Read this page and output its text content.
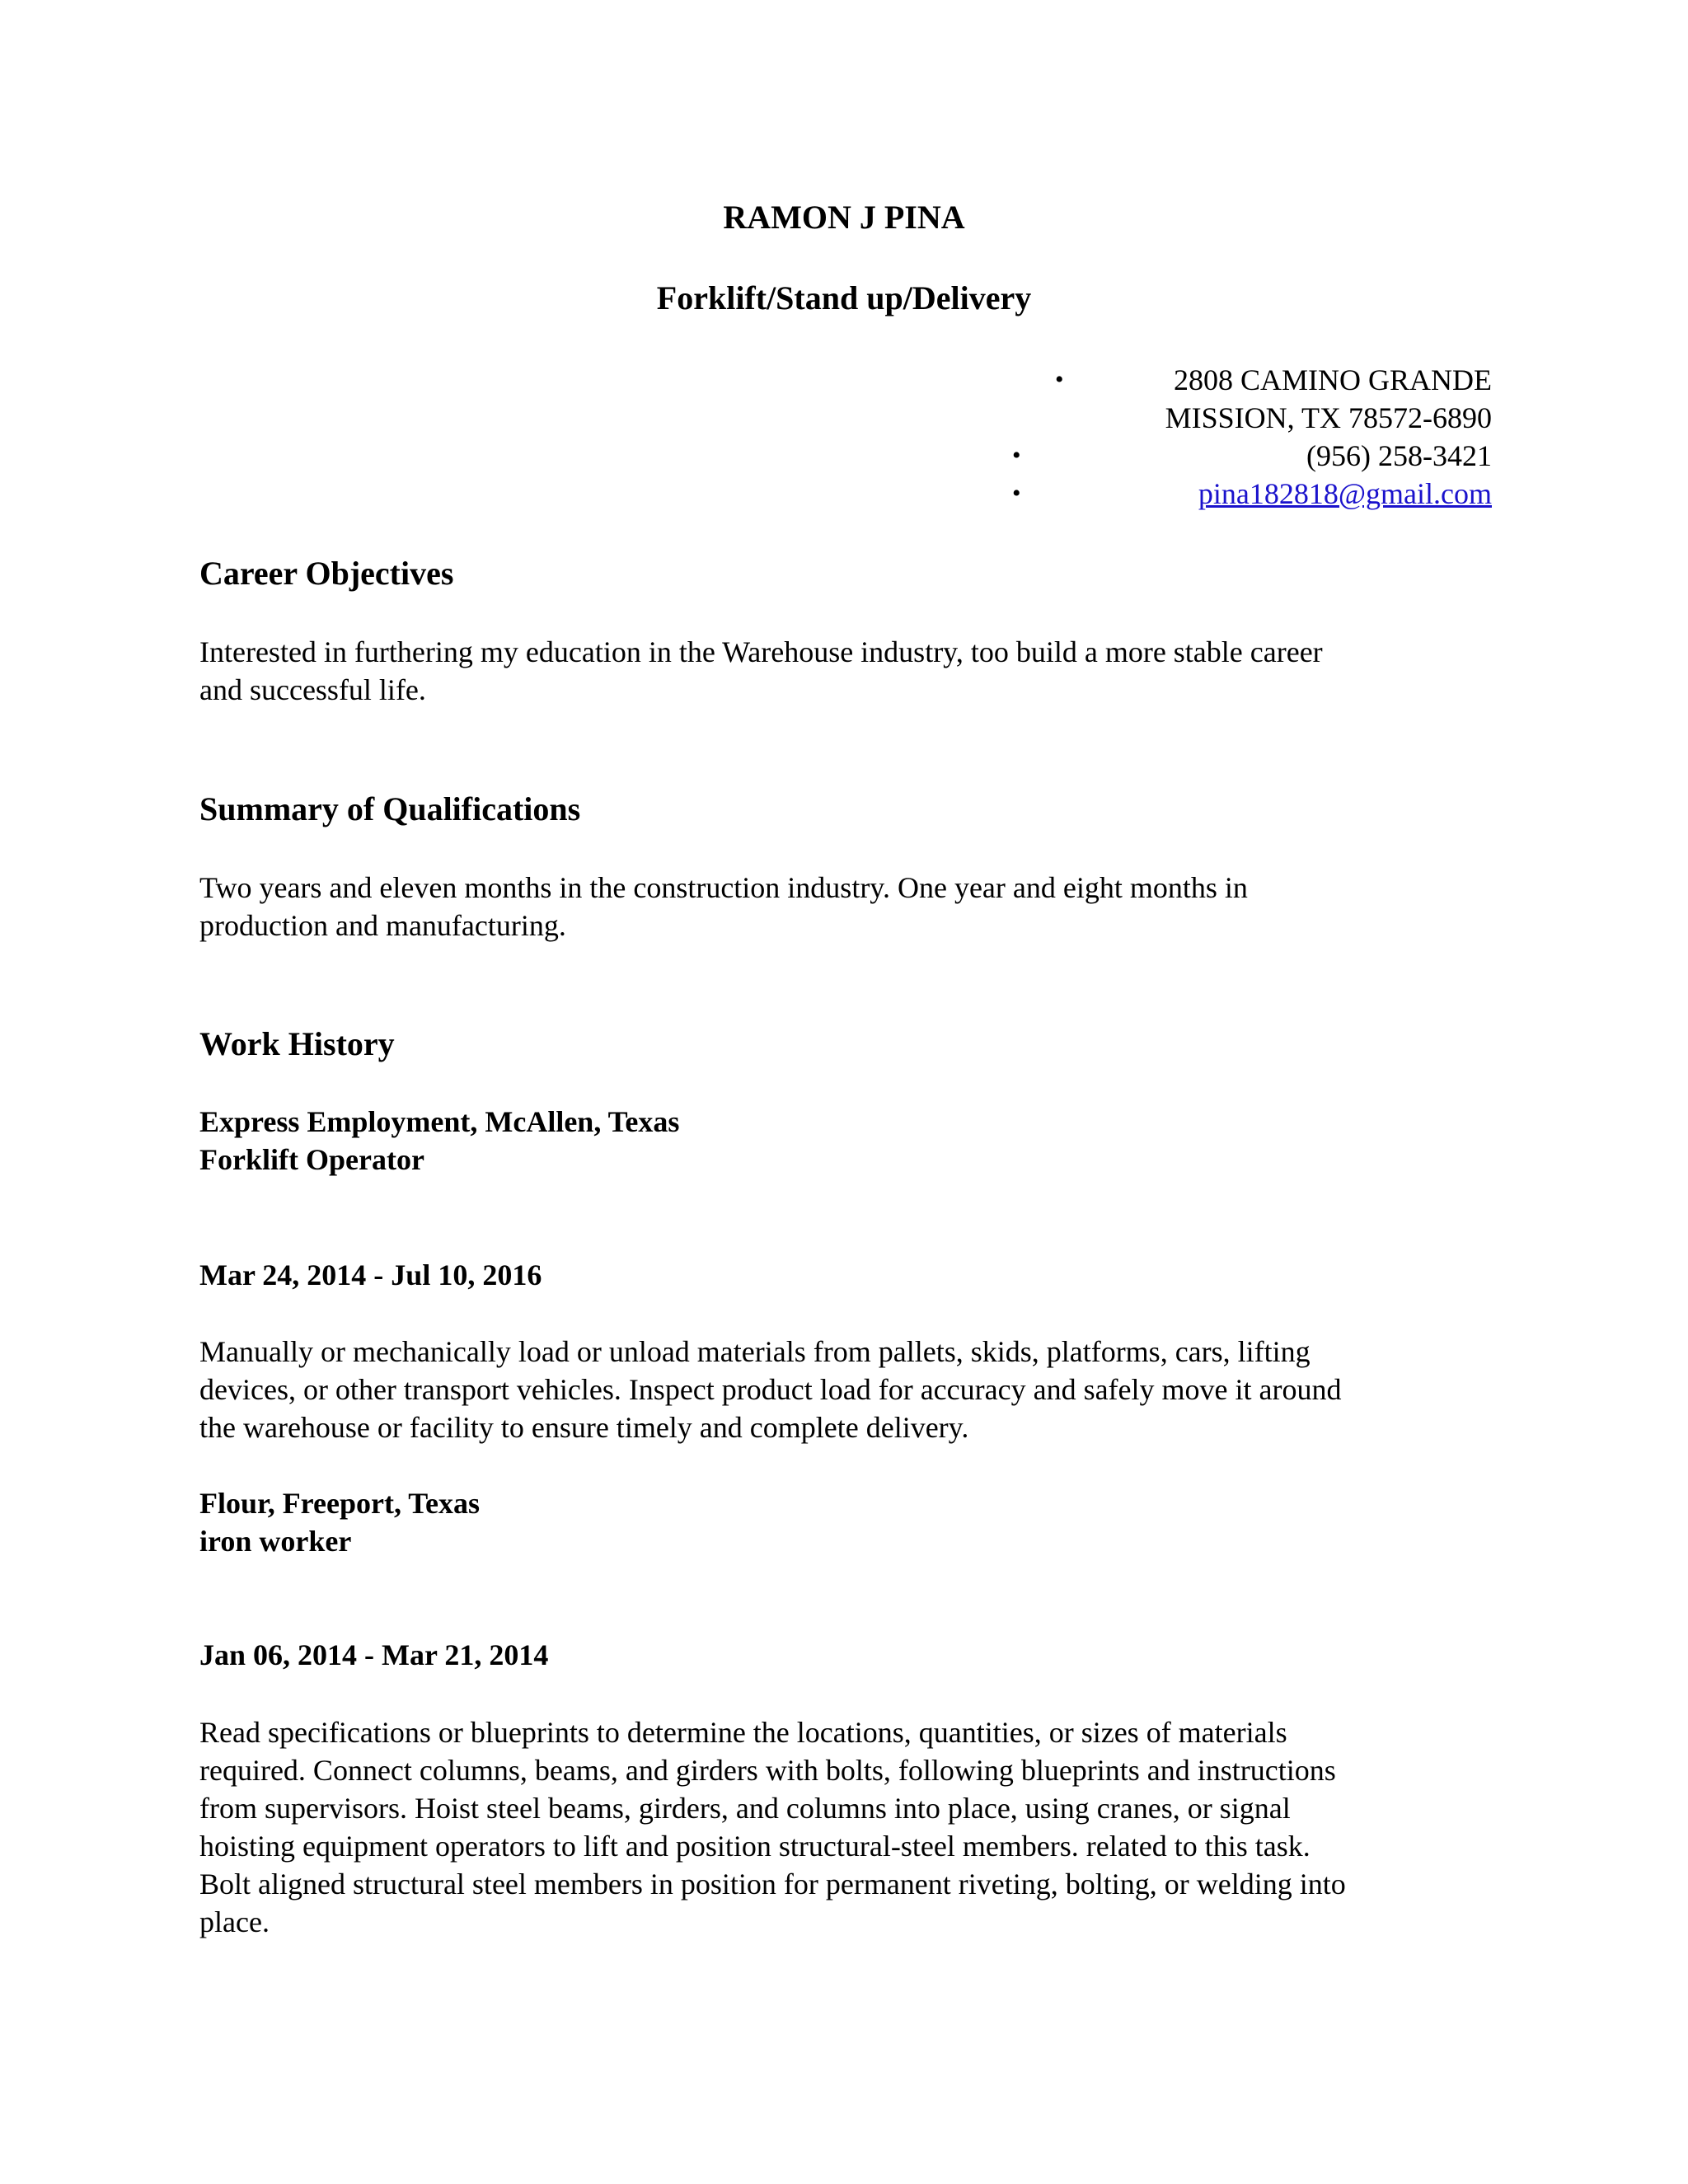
RAMON J PINA
Forklift/Stand up/Delivery
•	2808 CAMINO GRANDE
MISSION, TX 78572-6890
•	(956) 258-3421
•	pina182818@gmail.com
Career Objectives
Interested in furthering my education in the Warehouse industry, too build a more stable career
and successful life.
Summary of Qualifications
Two years and eleven months in the construction industry. One year and eight months in
production and manufacturing.
Work History
Express Employment, McAllen, Texas
Forklift Operator
Mar 24, 2014 - Jul 10, 2016
Manually or mechanically load or unload materials from pallets, skids, platforms, cars, lifting
devices, or other transport vehicles. Inspect product load for accuracy and safely move it around
the warehouse or facility to ensure timely and complete delivery.
Flour, Freeport, Texas
iron worker
Jan 06, 2014 - Mar 21, 2014
Read specifications or blueprints to determine the locations, quantities, or sizes of materials
required. Connect columns, beams, and girders with bolts, following blueprints and instructions
from supervisors. Hoist steel beams, girders, and columns into place, using cranes, or signal
hoisting equipment operators to lift and position structural-steel members. related to this task.
Bolt aligned structural steel members in position for permanent riveting, bolting, or welding into
place.
